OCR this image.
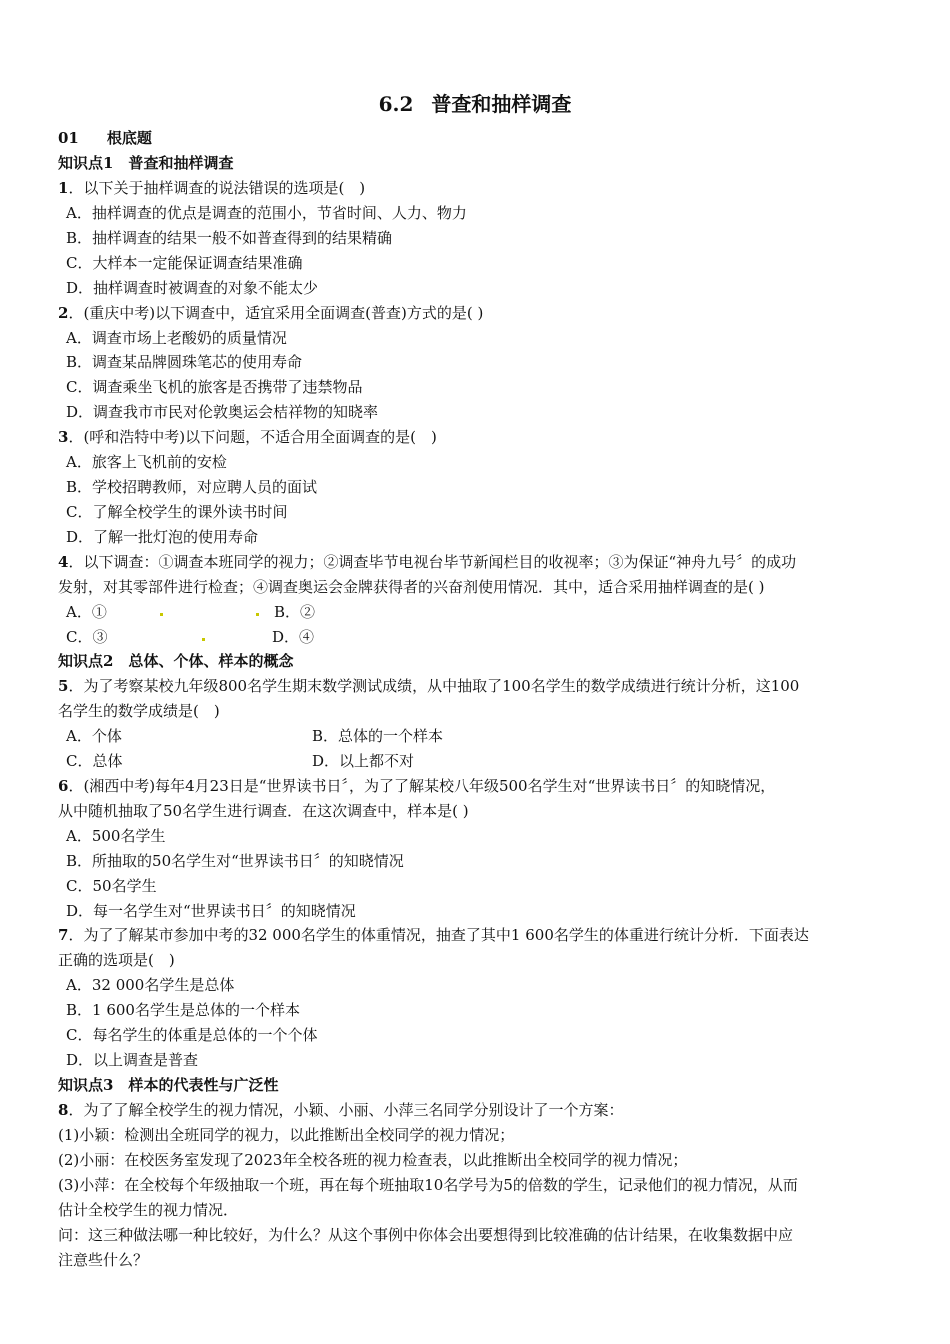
6.2 普查和抽样调查
01 根底题
知识点1　普查和抽样调查
1．以下关于抽样调查的说法错误的选项是(　)
A．抽样调查的优点是调查的范围小，节省时间、人力、物力
B．抽样调查的结果一般不如普查得到的结果精确
C．大样本一定能保证调查结果准确
D．抽样调查时被调查的对象不能太少
2．(重庆中考)以下调查中，适宜采用全面调查(普查)方式的是( )
A．调查市场上老酸奶的质量情况
B．调查某品牌圆珠笔芯的使用寿命
C．调查乘坐飞机的旅客是否携带了违禁物品
D．调查我市市民对伦敦奥运会桔祥物的知晓率
3．(呼和浩特中考)以下问题，不适合用全面调查的是(　)
A．旅客上飞机前的安检
B．学校招聘教师，对应聘人员的面试
C．了解全校学生的课外读书时间
D．了解一批灯泡的使用寿命
4．以下调查：①调查本班同学的视力；②调查毕节电视台毕节新闻栏目的收视率；③为保证“神舟九号〞的成功
发射，对其零部件进行检查；④调查奥运会金牌获得者的兴奋剂使用情况．其中，适合采用抽样调查的是( )
A．①	B．②
C．③	D．④
知识点2　总体、个体、样本的概念
5．为了考察某校九年级800名学生期末数学测试成绩，从中抽取了100名学生的数学成绩进行统计分析，这100
名学生的数学成绩是(　)
A．个体	B．总体的一个样本
C．总体	D．以上都不对
6．(湘西中考)每年4月23日是“世界读书日〞，为了了解某校八年级500名学生对“世界读书日〞的知晓情况，
从中随机抽取了50名学生进行调查．在这次调查中，样本是( )
A．500名学生
B．所抽取的50名学生对“世界读书日〞的知晓情况
C．50名学生
D．每一名学生对“世界读书日〞的知晓情况
7．为了了解某市参加中考的32 000名学生的体重情况，抽查了其中1 600名学生的体重进行统计分析．下面表达
正确的选项是(　)
A．32 000名学生是总体
B．1 600名学生是总体的一个样本
C．每名学生的体重是总体的一个个体
D．以上调查是普查
知识点3　样本的代表性与广泛性
8．为了了解全校学生的视力情况，小颖、小丽、小萍三名同学分别设计了一个方案：
(1)小颖：检测出全班同学的视力，以此推断出全校同学的视力情况；
(2)小丽：在校医务室发现了2023年全校各班的视力检查表，以此推断出全校同学的视力情况；
(3)小萍：在全校每个年级抽取一个班，再在每个班抽取10名学号为5的倍数的学生，记录他们的视力情况，从而
估计全校学生的视力情况．
问：这三种做法哪一种比较好，为什么？从这个事例中你体会出要想得到比较准确的估计结果，在收集数据中应
注意些什么？
